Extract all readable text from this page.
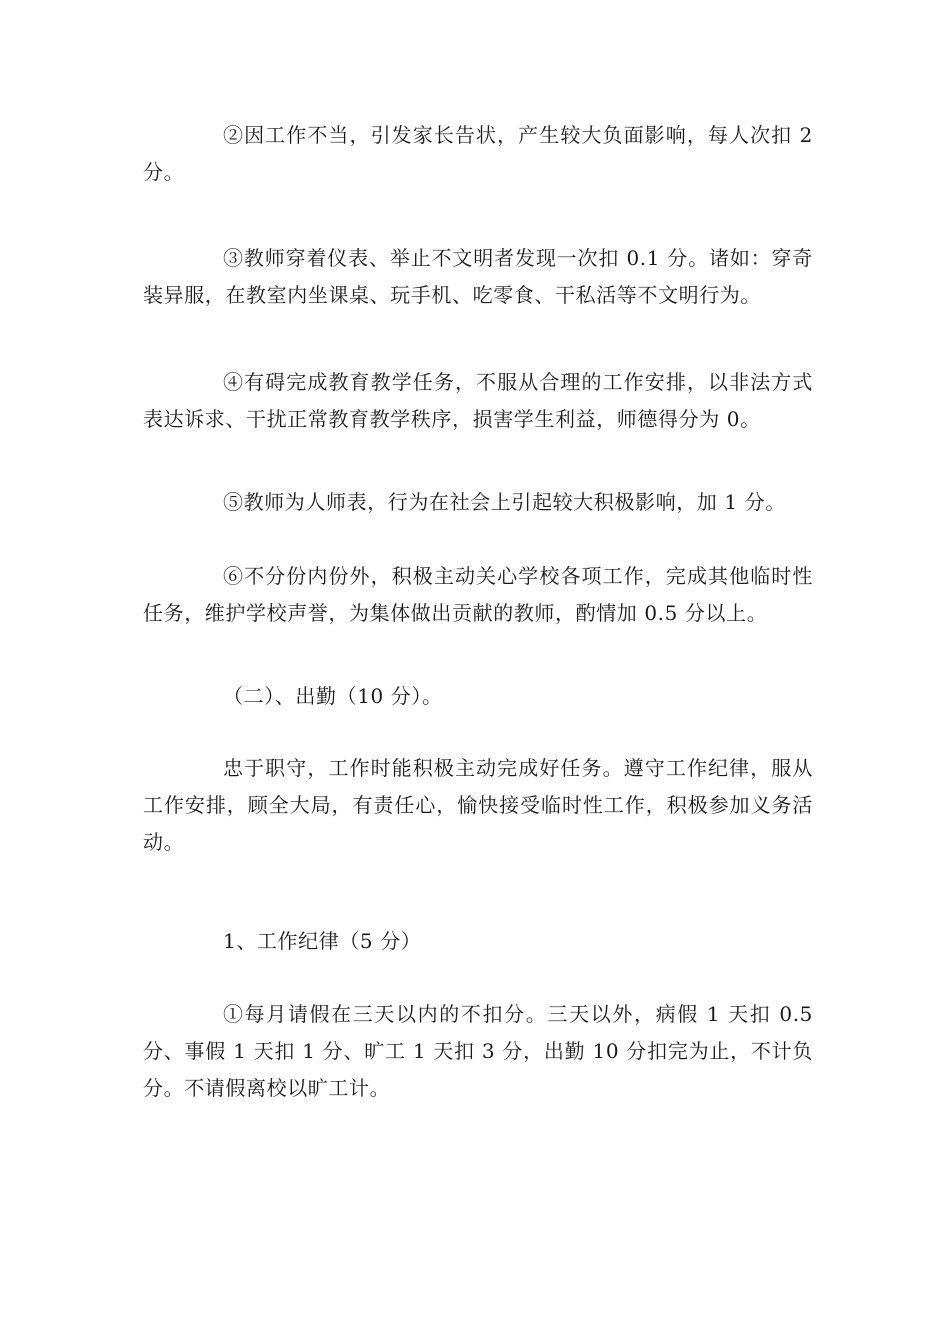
②因工作不当，引发家长告状，产生较大负面影响，每人次扣 2 分。

③教师穿着仪表、举止不文明者发现一次扣 0.1 分。诸如：穿奇装异服，在教室内坐课桌、玩手机、吃零食、干私活等不文明行为。

④有碍完成教育教学任务，不服从合理的工作安排，以非法方式表达诉求、干扰正常教育教学秩序，损害学生利益，师德得分为 0。

⑤教师为人师表，行为在社会上引起较大积极影响，加 1 分。

⑥不分份内份外，积极主动关心学校各项工作，完成其他临时性任务，维护学校声誉，为集体做出贡献的教师，酌情加 0.5 分以上。

（二）、出勤（10 分）。

忠于职守，工作时能积极主动完成好任务。遵守工作纪律，服从工作安排，顾全大局，有责任心，愉快接受临时性工作，积极参加义务活动。

1、工作纪律（5 分）

①每月请假在三天以内的不扣分。三天以外，病假 1 天扣 0.5 分、事假 1 天扣 1 分、旷工 1 天扣 3 分，出勤 10 分扣完为止，不计负分。不请假离校以旷工计。
